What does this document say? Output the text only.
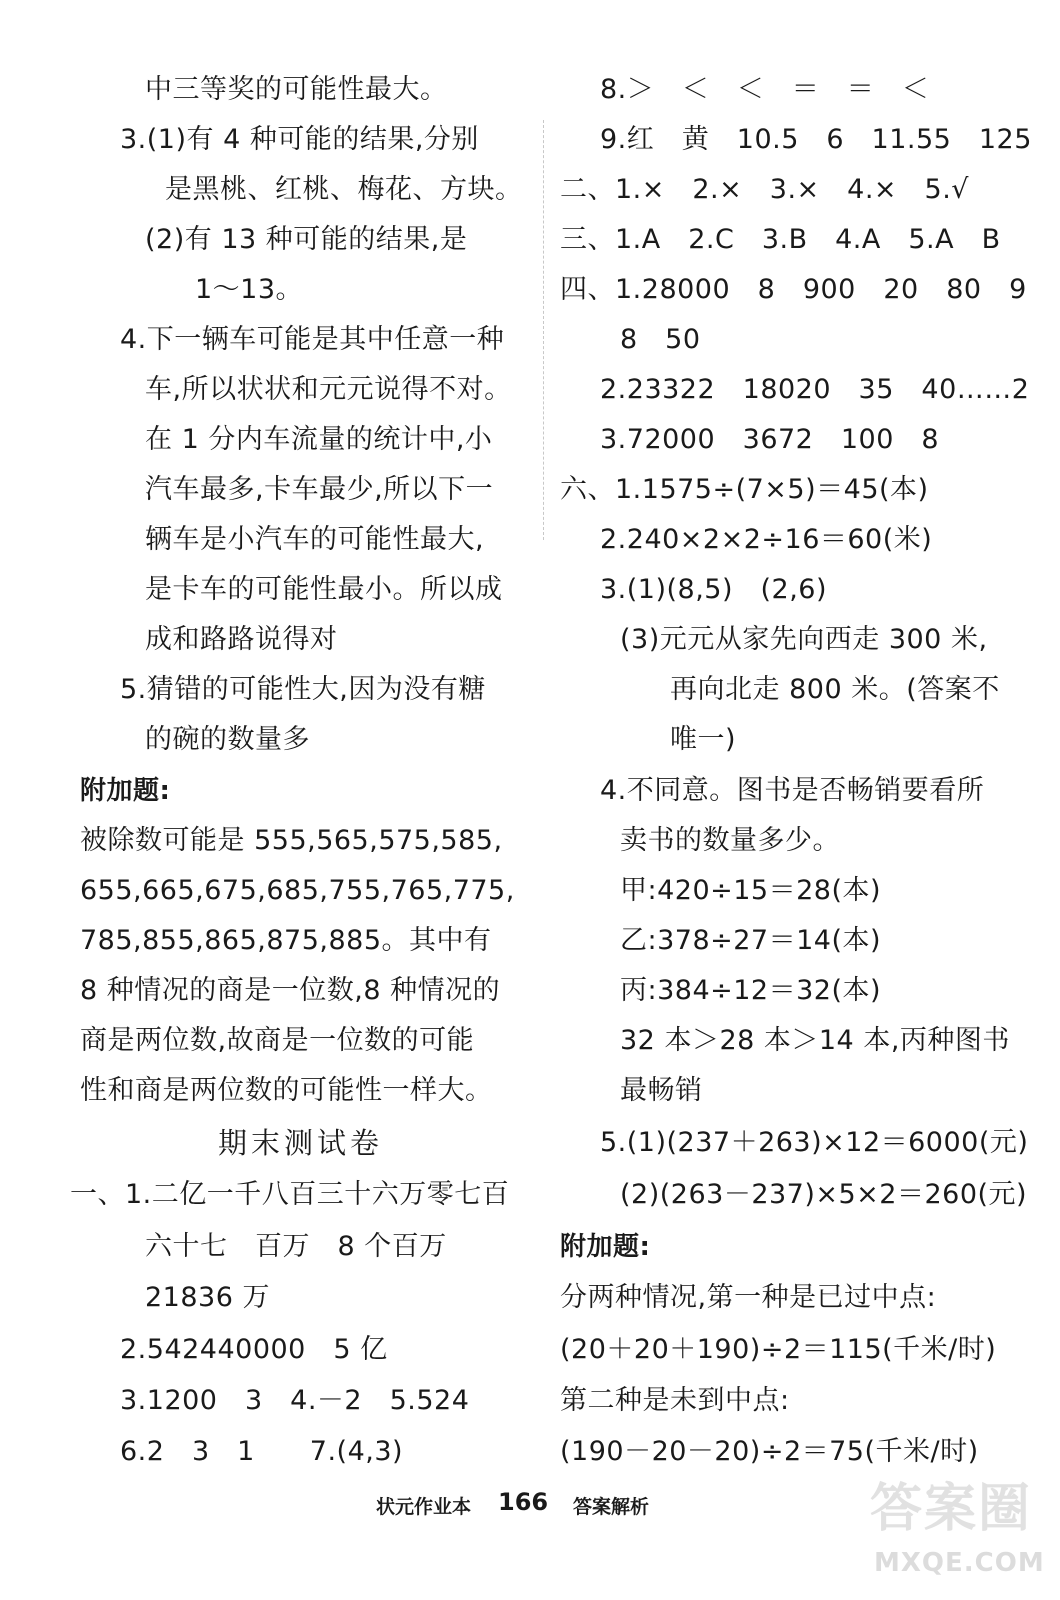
中三等奖的可能性最大。
3.(1)有 4 种可能的结果,分别
是黑桃、红桃、梅花、方块。
(2)有 13 种可能的结果,是
1～13。
4.下一辆车可能是其中任意一种
车,所以状状和元元说得不对。
在 1 分内车流量的统计中,小
汽车最多,卡车最少,所以下一
辆车是小汽车的可能性最大,
是卡车的可能性最小。所以成
成和路路说得对
5.猜错的可能性大,因为没有糖
的碗的数量多
附加题:
被除数可能是 555,565,575,585,
655,665,675,685,755,765,775,
785,855,865,875,885。其中有
8 种情况的商是一位数,8 种情况的
商是两位数,故商是一位数的可能
性和商是两位数的可能性一样大。
期末测试卷
一、1.二亿一千八百三十六万零七百
六十七　百万　8 个百万
21836 万
2.542440000　5 亿
3.1200　3　4.－2　5.524
6.2　3　1　　7.(4,3)
8.＞　＜　＜　＝　＝　＜
9.红　黄　10.5　6　11.55　125
二、1.×　2.×　3.×　4.×　5.√
三、1.A　2.C　3.B　4.A　5.A　B
四、1.28000　8　900　20　80　9
8　50
2.23322　18020　35　40……2
3.72000　3672　100　8
六、1.1575÷(7×5)＝45(本)
2.240×2×2÷16＝60(米)
3.(1)(8,5)　(2,6)
(3)元元从家先向西走 300 米,
再向北走 800 米。(答案不
唯一)
4.不同意。图书是否畅销要看所
卖书的数量多少。
甲:420÷15＝28(本)
乙:378÷27＝14(本)
丙:384÷12＝32(本)
32 本＞28 本＞14 本,丙种图书
最畅销
5.(1)(237＋263)×12＝6000(元)
(2)(263－237)×5×2＝260(元)
附加题:
分两种情况,第一种是已过中点:
(20＋20＋190)÷2＝115(千米/时)
第二种是未到中点:
(190－20－20)÷2＝75(千米/时)
状元作业本 166 答案解析	答案圈
MXQE.COM
